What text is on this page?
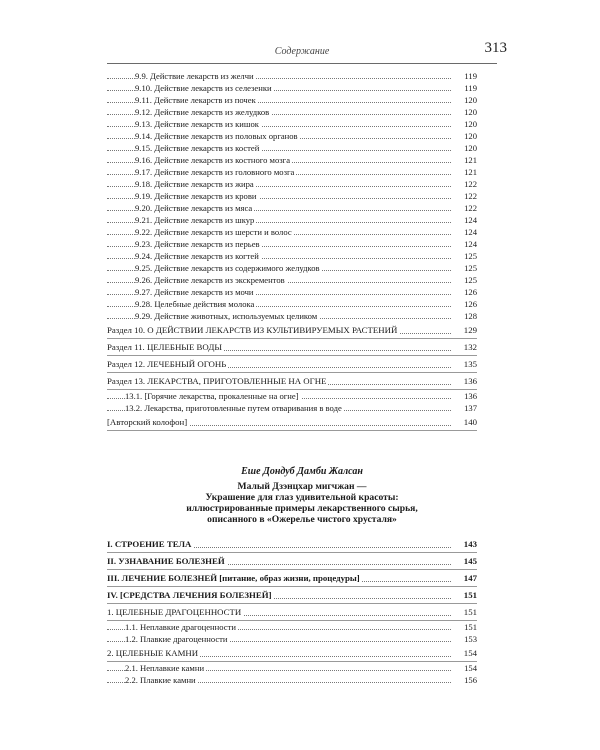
Содержание	313
9.9. Действие лекарств из желчи	119
9.10. Действие лекарств из селезенки	119
9.11. Действие лекарств из почек	120
9.12. Действие лекарств из желудков	120
9.13. Действие лекарств из кишок	120
9.14. Действие лекарств из половых органов	120
9.15. Действие лекарств из костей	120
9.16. Действие лекарств из костного мозга	121
9.17. Действие лекарств из головного мозга	121
9.18. Действие лекарств из жира	122
9.19. Действие лекарств из крови	122
9.20. Действие лекарств из мяса	122
9.21. Действие лекарств из шкур	124
9.22. Действие лекарств из шерсти и волос	124
9.23. Действие лекарств из перьев	124
9.24. Действие лекарств из когтей	125
9.25. Действие лекарств из содержимого желудков	125
9.26. Действие лекарств из экскрементов	125
9.27. Действие лекарств из мочи	126
9.28. Целебные действия молока	126
9.29. Действие животных, используемых целиком	128
Раздел 10. О ДЕЙСТВИИ ЛЕКАРСТВ ИЗ КУЛЬТИВИРУЕМЫХ РАСТЕНИЙ	129
Раздел 11. ЦЕЛЕБНЫЕ ВОДЫ	132
Раздел 12. ЛЕЧЕБНЫЙ ОГОНЬ	135
Раздел 13. ЛЕКАРСТВА, ПРИГОТОВЛЕННЫЕ НА ОГНЕ	136
13.1. [Горячие лекарства, прокаленные на огне]	136
13.2. Лекарства, приготовленные путем отваривания в воде	137
[Авторский колофон]	140
Еше Дондуб Дамби Жалсан
Малый Дзэнцхар мигчжан —
Украшение для глаз удивительной красоты:
иллюстрированные примеры лекарственного сырья,
описанного в «Ожерелье чистого хрусталя»
I. СТРОЕНИЕ ТЕЛА	143
II. УЗНАВАНИЕ БОЛЕЗНЕЙ	145
III. ЛЕЧЕНИЕ БОЛЕЗНЕЙ [питание, образ жизни, процедуры]	147
IV. [СРЕДСТВА ЛЕЧЕНИЯ БОЛЕЗНЕЙ]	151
1. ЦЕЛЕБНЫЕ ДРАГОЦЕННОСТИ	151
1.1. Неплавкие драгоценности	151
1.2. Плавкие драгоценности	153
2. ЦЕЛЕБНЫЕ КАМНИ	154
2.1. Неплавкие камни	154
2.2. Плавкие камни	156
